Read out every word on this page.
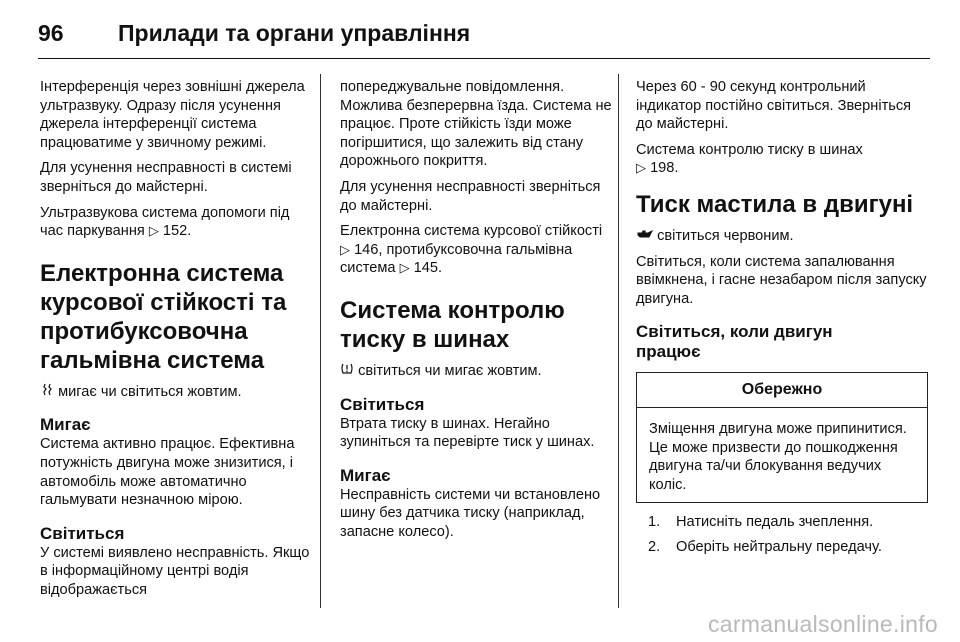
96 Прилади та органи управління

Інтерференція через зовнішні джерела ультразвуку. Одразу після усунення джерела інтерференції система працюватиме у звичному режимі.

Для усунення несправності в системі зверніться до майстерні.

Ультразвукова система допомоги під час паркування ▷ 152.

Електронна система курсової стійкості та протибуксовочна гальмівна система

мигає чи світиться жовтим.

Мигає

Система активно працює. Ефективна потужність двигуна може знизитися, і автомобіль може автоматично гальмувати незначною мірою.

Світиться

У системі виявлено несправність. Якщо в інформаційному центрі водія відображається

попереджувальне повідомлення. Можлива безперервна їзда. Система не працює. Проте стійкість їзди може погіршитися, що залежить від стану дорожнього покриття.

Для усунення несправності зверніться до майстерні.

Електронна система курсової стійкості ▷ 146, протибуксовочна гальмівна система ▷ 145.

Система контролю тиску в шинах

світиться чи мигає жовтим.

Світиться

Втрата тиску в шинах. Негайно зупиніться та перевірте тиск у шинах.

Мигає

Несправність системи чи встановлено шину без датчика тиску (наприклад, запасне колесо).

Через 60 - 90 секунд контрольний індикатор постійно світиться. Зверніться до майстерні.

Система контролю тиску в шинах
▷ 198.

Тиск мастила в двигуні

світиться червоним.

Світиться, коли система запалювання ввімкнена, і гасне незабаром після запуску двигуна.

Світиться, коли двигун працює
Обережно
Зміщення двигуна може припинитися. Це може призвести до пошкодження двигуна та/чи блокування ведучих коліс.
1.	Натисніть педаль зчеплення.
2.	Оберіть нейтральну передачу.
carmanualsonline.info
